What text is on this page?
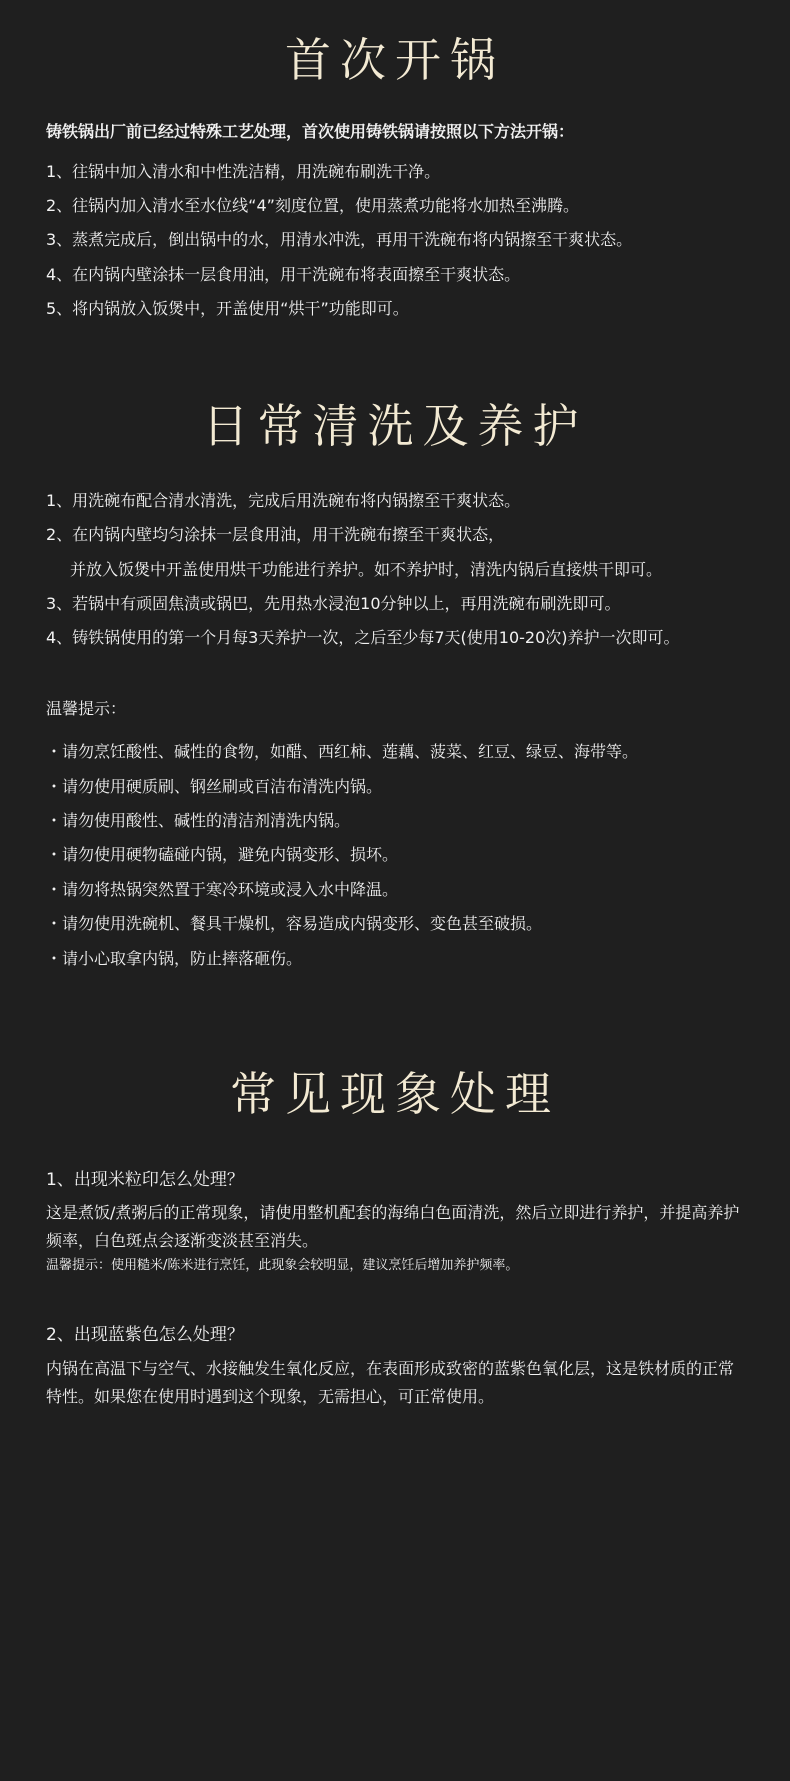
首次开锅
铸铁锅出厂前已经过特殊工艺处理，首次使用铸铁锅请按照以下方法开锅：
1、往锅中加入清水和中性洗洁精，用洗碗布刷洗干净。
2、往锅内加入清水至水位线“4”刻度位置，使用蒸煮功能将水加热至沸腾。
3、蒸煮完成后，倒出锅中的水，用清水冲洗，再用干洗碗布将内锅擦至干爽状态。
4、在内锅内壁涂抹一层食用油，用干洗碗布将表面擦至干爽状态。
5、将内锅放入饭煲中，开盖使用“烘干”功能即可。
日常清洗及养护
1、用洗碗布配合清水清洗，完成后用洗碗布将内锅擦至干爽状态。
2、在内锅内壁均匀涂抹一层食用油，用干洗碗布擦至干爽状态，
并放入饭煲中开盖使用烘干功能进行养护。如不养护时，清洗内锅后直接烘干即可。
3、若锅中有顽固焦渍或锅巴，先用热水浸泡10分钟以上，再用洗碗布刷洗即可。
4、铸铁锅使用的第一个月每3天养护一次，之后至少每7天(使用10-20次)养护一次即可。
温馨提示：
・请勿烹饪酸性、碱性的食物，如醋、西红柿、莲藕、菠菜、红豆、绿豆、海带等。
・请勿使用硬质刷、钢丝刷或百洁布清洗内锅。
・请勿使用酸性、碱性的清洁剂清洗内锅。
・请勿使用硬物磕碰内锅，避免内锅变形、损坏。
・请勿将热锅突然置于寒冷环境或浸入水中降温。
・请勿使用洗碗机、餐具干燥机，容易造成内锅变形、变色甚至破损。
・请小心取拿内锅，防止摔落砸伤。
常见现象处理
1、出现米粒印怎么处理？
这是煮饭/煮粥后的正常现象，请使用整机配套的海绵白色面清洗，然后立即进行养护，并提高养护频率，白色斑点会逐渐变淡甚至消失。
温馨提示：使用糙米/陈米进行烹饪，此现象会较明显，建议烹饪后增加养护频率。
2、出现蓝紫色怎么处理？
内锅在高温下与空气、水接触发生氧化反应，在表面形成致密的蓝紫色氧化层，这是铁材质的正常特性。如果您在使用时遇到这个现象，无需担心，可正常使用。
